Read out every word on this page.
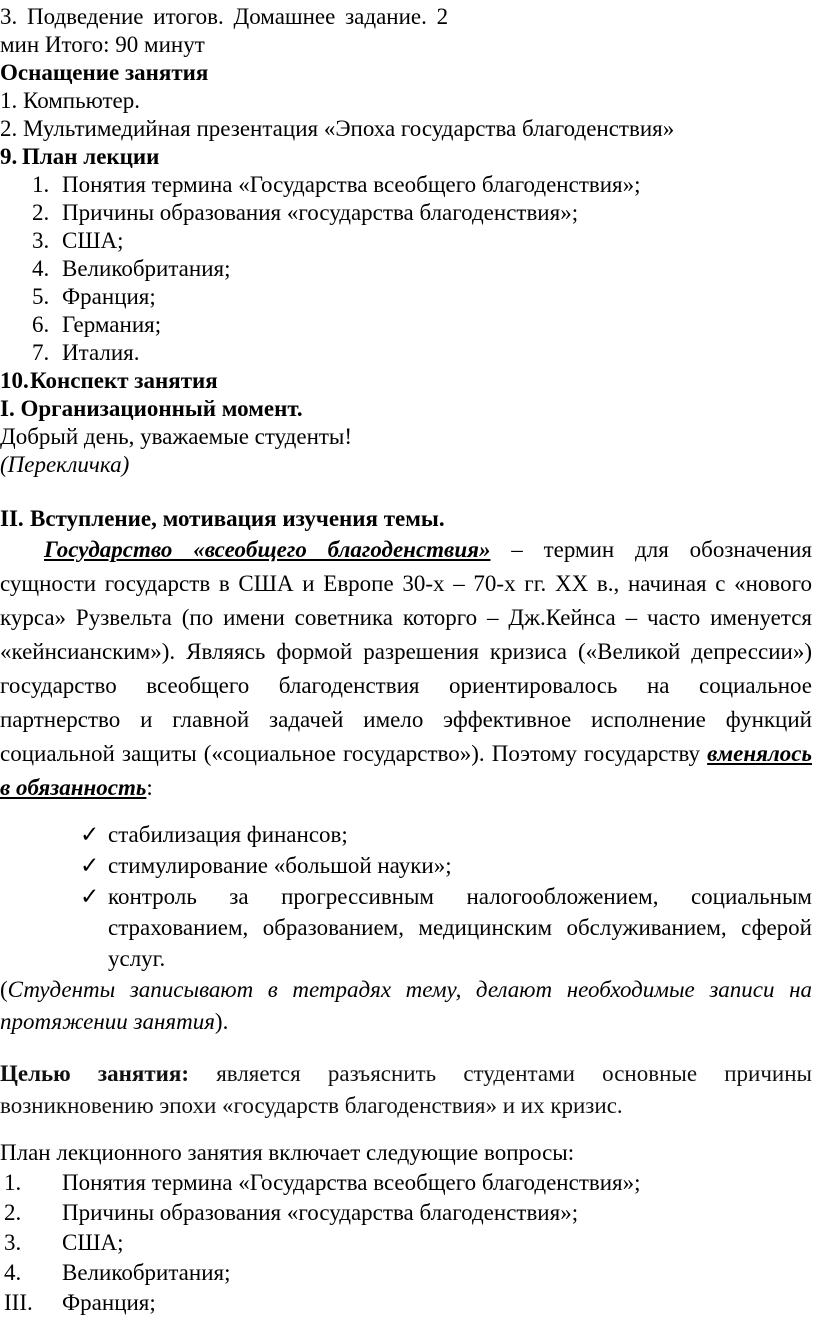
3. Подведение итогов. Домашнее задание. 2
мин Итого: 90 минут
Оснащение занятия
1. Компьютер.
2. Мультимедийная презентация «Эпоха государства благоденствия»
9. План лекции
1. Понятия термина «Государства всеобщего благоденствия»;
2. Причины образования «государства благоденствия»;
3. США;
4. Великобритания;
5. Франция;
6. Германия;
7. Италия.
10.Конспект занятия
I. Организационный момент.
Добрый день, уважаемые студенты!
(Перекличка)
II. Вступление, мотивация изучения темы.
Государство «всеобщего благоденствия» – термин для обозначения сущности государств в США и Европе 30-х – 70-х гг. XX в., начиная с «нового курса» Рузвельта (по имени советника которго – Дж.Кейнса – часто именуется «кейнсианским»). Являясь формой разрешения кризиса («Великой депрессии») государство всеобщего благоденствия ориентировалось на социальное партнерство и главной задачей имело эффективное исполнение функций социальной защиты («социальное государство»). Поэтому государству вменялось в обязанность:
✓ стабилизация финансов;
✓ стимулирование «большой науки»;
✓ контроль за прогрессивным налогообложением, социальным страхованием, образованием, медицинским обслуживанием, сферой услуг.
(Студенты записывают в тетрадях тему, делают необходимые записи на протяжении занятия).
Целью занятия: является разъяснить студентами основные причины возникновению эпохи «государств благоденствия» и их кризис.
План лекционного занятия включает следующие вопросы:
1. Понятия термина «Государства всеобщего благоденствия»;
2. Причины образования «государства благоденствия»;
3. США;
4. Великобритания;
III. Франция;
